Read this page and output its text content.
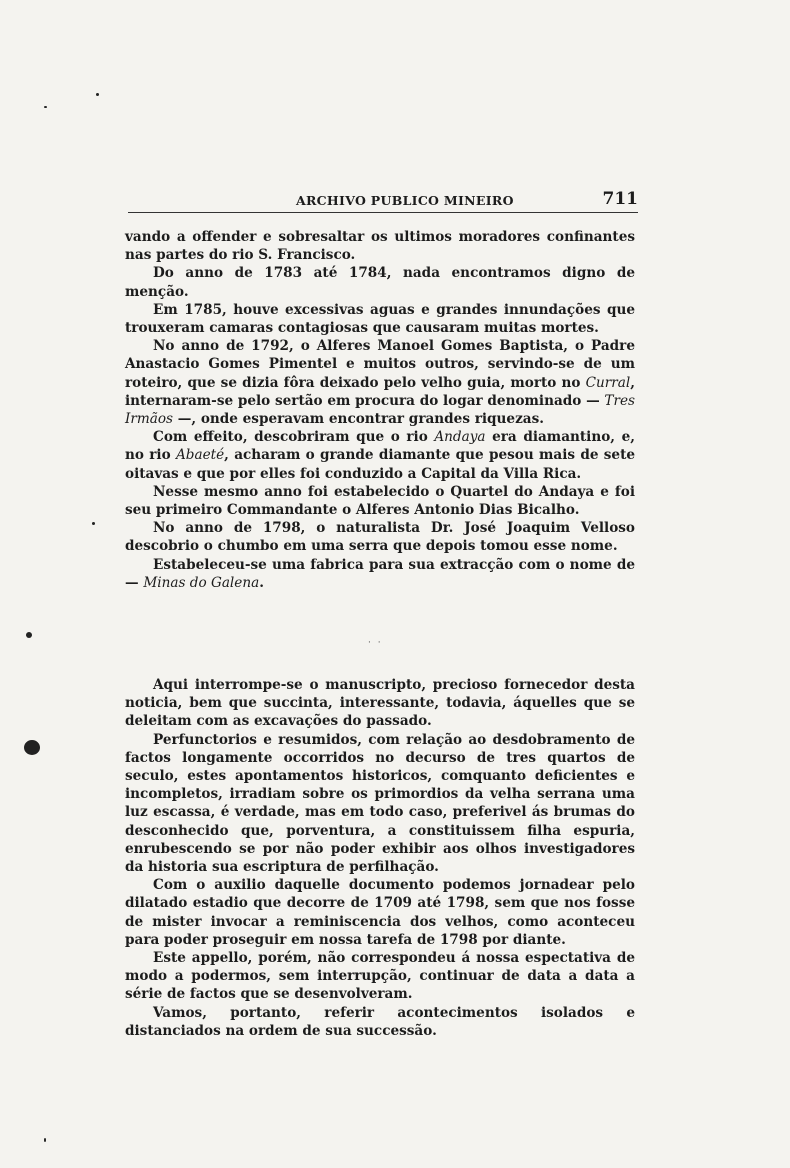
ARCHIVO PUBLICO MINEIRO	711

vando a offender e sobresaltar os ultimos moradores confinantes nas partes do rio S. Francisco.

Do anno de 1783 até 1784, nada encontramos digno de menção.

Em 1785, houve excessivas aguas e grandes innundações que trouxeram camaras contagiosas que causaram muitas mortes.

No anno de 1792, o Alferes Manoel Gomes Baptista, o Padre Anastacio Gomes Pimentel e muitos outros, servindo-se de um roteiro, que se dizia fôra deixado pelo velho guia, morto no Curral, internaram-se pelo sertão em procura do logar denominado — Tres Irmãos —, onde esperavam encontrar grandes riquezas.

Com effeito, descobriram que o rio Andaya era diamantino, e, no rio Abaeté, acharam o grande diamante que pesou mais de sete oitavas e que por elles foi conduzido a Capital da Villa Rica.

Nesse mesmo anno foi estabelecido o Quartel do Andaya e foi seu primeiro Commandante o Alferes Antonio Dias Bicalho.

No anno de 1798, o naturalista Dr. José Joaquim Velloso descobrio o chumbo em uma serra que depois tomou esse nome.

Estabeleceu-se uma fabrica para sua extracção com o nome de — Minas do Galena.

· ·

Aqui interrompe-se o manuscripto, precioso fornecedor desta noticia, bem que succinta, interessante, todavia, áquelles que se deleitam com as excavações do passado.

Perfunctorios e resumidos, com relação ao desdobramento de factos longamente occorridos no decurso de tres quartos de seculo, estes apontamentos historicos, comquanto deficientes e incompletos, irradiam sobre os primordios da velha serrana uma luz escassa, é verdade, mas em todo caso, preferivel ás brumas do desconhecido que, porventura, a constituissem filha espuria, enrubescendo se por não poder exhibir aos olhos investigadores da historia sua escriptura de perfilhação.

Com o auxilio daquelle documento podemos jornadear pelo dilatado estadio que decorre de 1709 até 1798, sem que nos fosse de mister invocar a reminiscencia dos velhos, como aconteceu para poder proseguir em nossa tarefa de 1798 por diante.

Este appello, porém, não correspondeu á nossa espectativa de modo a podermos, sem interrupção, continuar de data a data a série de factos que se desenvolveram.

Vamos, portanto, referir acontecimentos isolados e distanciados na ordem de sua successão.
